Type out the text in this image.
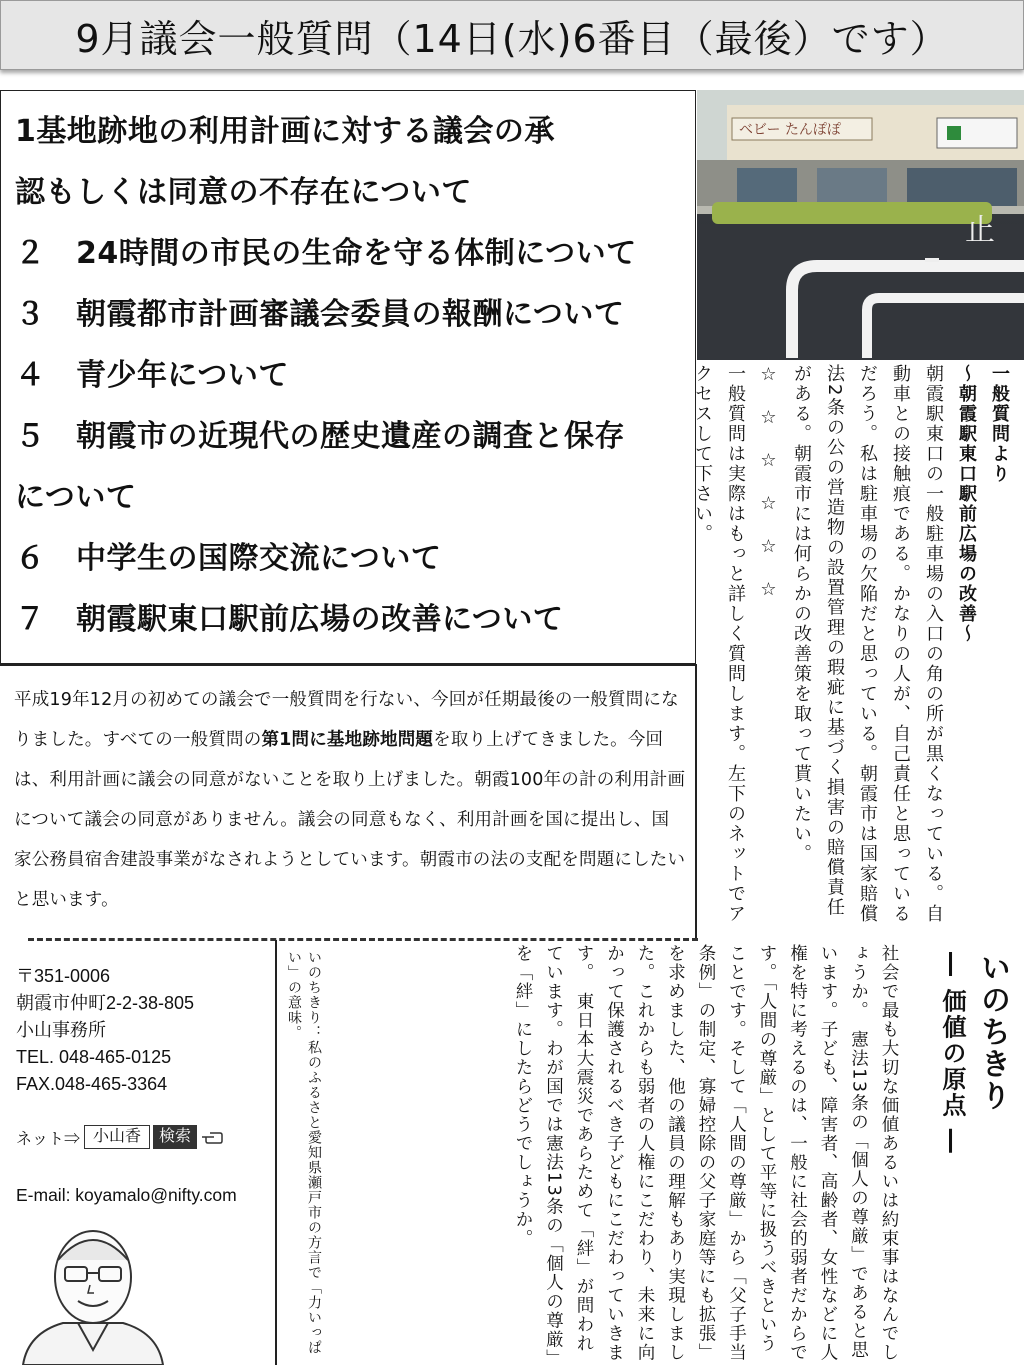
9月議会一般質問（14日(水)6番目（最後）です）
1基地跡地の利用計画に対する議会の承
認もしくは同意の不存在について
２　24時間の市民の生命を守る体制について
３　朝霞都市計画審議会委員の報酬について
４　青少年について
５　朝霞市の近現代の歴史遺産の調査と保存
について
６　中学生の国際交流について
７　朝霞駅東口駅前広場の改善について
ベビー たんぽぽ
止
一般質問より
～朝霞駅東口駅前広場の改善～
朝霞駅東口の一般駐車場の入口の角の所が黒くなっている。自動車との接触痕である。かなりの人が、自己責任と思っているだろう。私は駐車場の欠陥だと思っている。朝霞市は国家賠償法2条の公の営造物の設置管理の瑕疵に基づく損害の賠償責任がある。朝霞市には何らかの改善策を取って貰いたい。
☆　☆　☆　☆　☆　☆
一般質問は実際はもっと詳しく質問します。左下のネットでアクセスして下さい。
平成19年12月の初めての議会で一般質問を行ない、今回が任期最後の一般質問になりました。すべての一般質問の第1問に基地跡地問題を取り上げてきました。今回は、利用計画に議会の同意がないことを取り上げました。朝霞100年の計の利用計画について議会の同意がありません。議会の同意もなく、利用計画を国に提出し、国家公務員宿舎建設事業がなされようとしています。朝霞市の法の支配を問題にしたいと思います。
〒351-0006
朝霞市仲町2-2-38-805
小山事務所
TEL. 048-465-0125
FAX.048-465-3364
ネット⇒ 小山香	検索
E-mail: koyamalo@nifty.com	いのちきり：私のふるさと愛知県瀬戸市の方言で「力いっぱい」の意味。	社会で最も大切な価値あるいは約束事はなんでしょうか。　憲法13条の「個人の尊厳」であると思います。子ども、障害者、高齢者、女性などに人権を特に考えるのは、一般に社会的弱者だからです。「人間の尊厳」として平等に扱うべきということです。そして「人間の尊厳」から「父子手当条例」の制定、寡婦控除の父子家庭等にも拡張」を求めました、他の議員の理解もあり実現しました。これからも弱者の人権にこだわり、未来に向かって保護されるべき子どもにこだわっていきます。　東日本大震災であらためて「絆」が問われています。わが国では憲法13条の「個人の尊厳」を「絆」にしたらどうでしょうか。	いのちきり
― 価値の原点 ―
